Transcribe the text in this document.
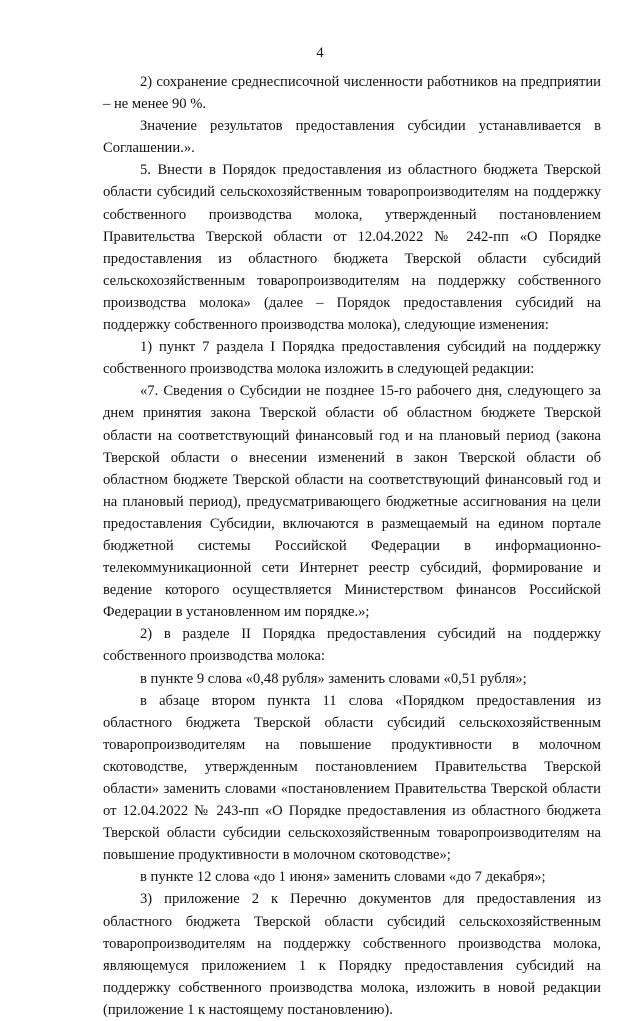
4

2) сохранение среднесписочной численности работников на предприятии – не менее 90 %.

Значение результатов предоставления субсидии устанавливается в Соглашении.».

5. Внести в Порядок предоставления из областного бюджета Тверской области субсидий сельскохозяйственным товаропроизводителям на поддержку собственного производства молока, утвержденный постановлением Правительства Тверской области от 12.04.2022 № 242-пп «О Порядке предоставления из областного бюджета Тверской области субсидий сельскохозяйственным товаропроизводителям на поддержку собственного производства молока» (далее – Порядок предоставления субсидий на поддержку собственного производства молока), следующие изменения:

1) пункт 7 раздела I Порядка предоставления субсидий на поддержку собственного производства молока изложить в следующей редакции:

«7. Сведения о Субсидии не позднее 15-го рабочего дня, следующего за днем принятия закона Тверской области об областном бюджете Тверской области на соответствующий финансовый год и на плановый период (закона Тверской области о внесении изменений в закон Тверской области об областном бюджете Тверской области на соответствующий финансовый год и на плановый период), предусматривающего бюджетные ассигнования на цели предоставления Субсидии, включаются в размещаемый на едином портале бюджетной системы Российской Федерации в информационно-телекоммуникационной сети Интернет реестр субсидий, формирование и ведение которого осуществляется Министерством финансов Российской Федерации в установленном им порядке.»;

2) в разделе II Порядка предоставления субсидий на поддержку собственного производства молока:

в пункте 9 слова «0,48 рубля» заменить словами «0,51 рубля»;

в абзаце втором пункта 11 слова «Порядком предоставления из областного бюджета Тверской области субсидий сельскохозяйственным товаропроизводителям на повышение продуктивности в молочном скотоводстве, утвержденным постановлением Правительства Тверской области» заменить словами «постановлением Правительства Тверской области от 12.04.2022 № 243-пп «О Порядке предоставления из областного бюджета Тверской области субсидии сельскохозяйственным товаропроизводителям на повышение продуктивности в молочном скотоводстве»;

в пункте 12 слова «до 1 июня» заменить словами «до 7 декабря»;

3) приложение 2 к Перечню документов для предоставления из областного бюджета Тверской области субсидий сельскохозяйственным товаропроизводителям на поддержку собственного производства молока, являющемуся приложением 1 к Порядку предоставления субсидий на поддержку собственного производства молока, изложить в новой редакции (приложение 1 к настоящему постановлению).
